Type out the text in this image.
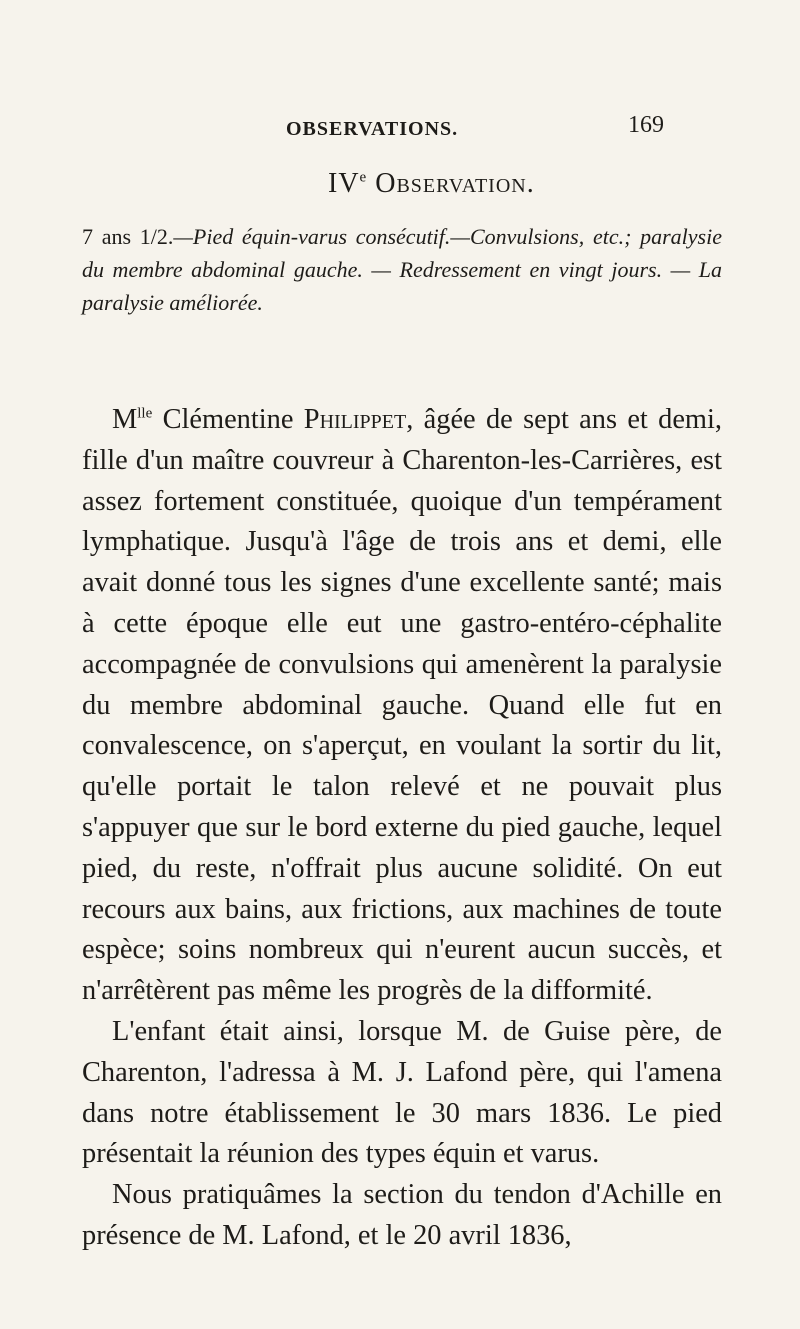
OBSERVATIONS.	169
IVe Observation.

7 ans 1/2.—Pied équin-varus consécutif.—Convulsions, etc.; paralysie du membre abdominal gauche. — Redressement en vingt jours. — La paralysie améliorée.

$M^{lle}$ Clémentine Philippet, âgée de sept ans et demi, fille d'un maître couvreur à Charenton-les-Carrières, est assez fortement constituée, quoique d'un tempérament lymphatique. Jusqu'à l'âge de trois ans et demi, elle avait donné tous les signes d'une excellente santé; mais à cette époque elle eut une gastro-entéro-céphalite accompagnée de convulsions qui amenèrent la paralysie du membre abdominal gauche. Quand elle fut en convalescence, on s'aperçut, en voulant la sortir du lit, qu'elle portait le talon relevé et ne pouvait plus s'appuyer que sur le bord externe du pied gauche, lequel pied, du reste, n'offrait plus aucune solidité. On eut recours aux bains, aux frictions, aux machines de toute espèce; soins nombreux qui n'eurent aucun succès, et n'arrêtèrent pas même les progrès de la difformité.

L'enfant était ainsi, lorsque M. de Guise père, de Charenton, l'adressa à M. J. Lafond père, qui l'amena dans notre établissement le 30 mars 1836. Le pied présentait la réunion des types équin et varus.

Nous pratiquâmes la section du tendon d'Achille en présence de M. Lafond, et le 20 avril 1836,
